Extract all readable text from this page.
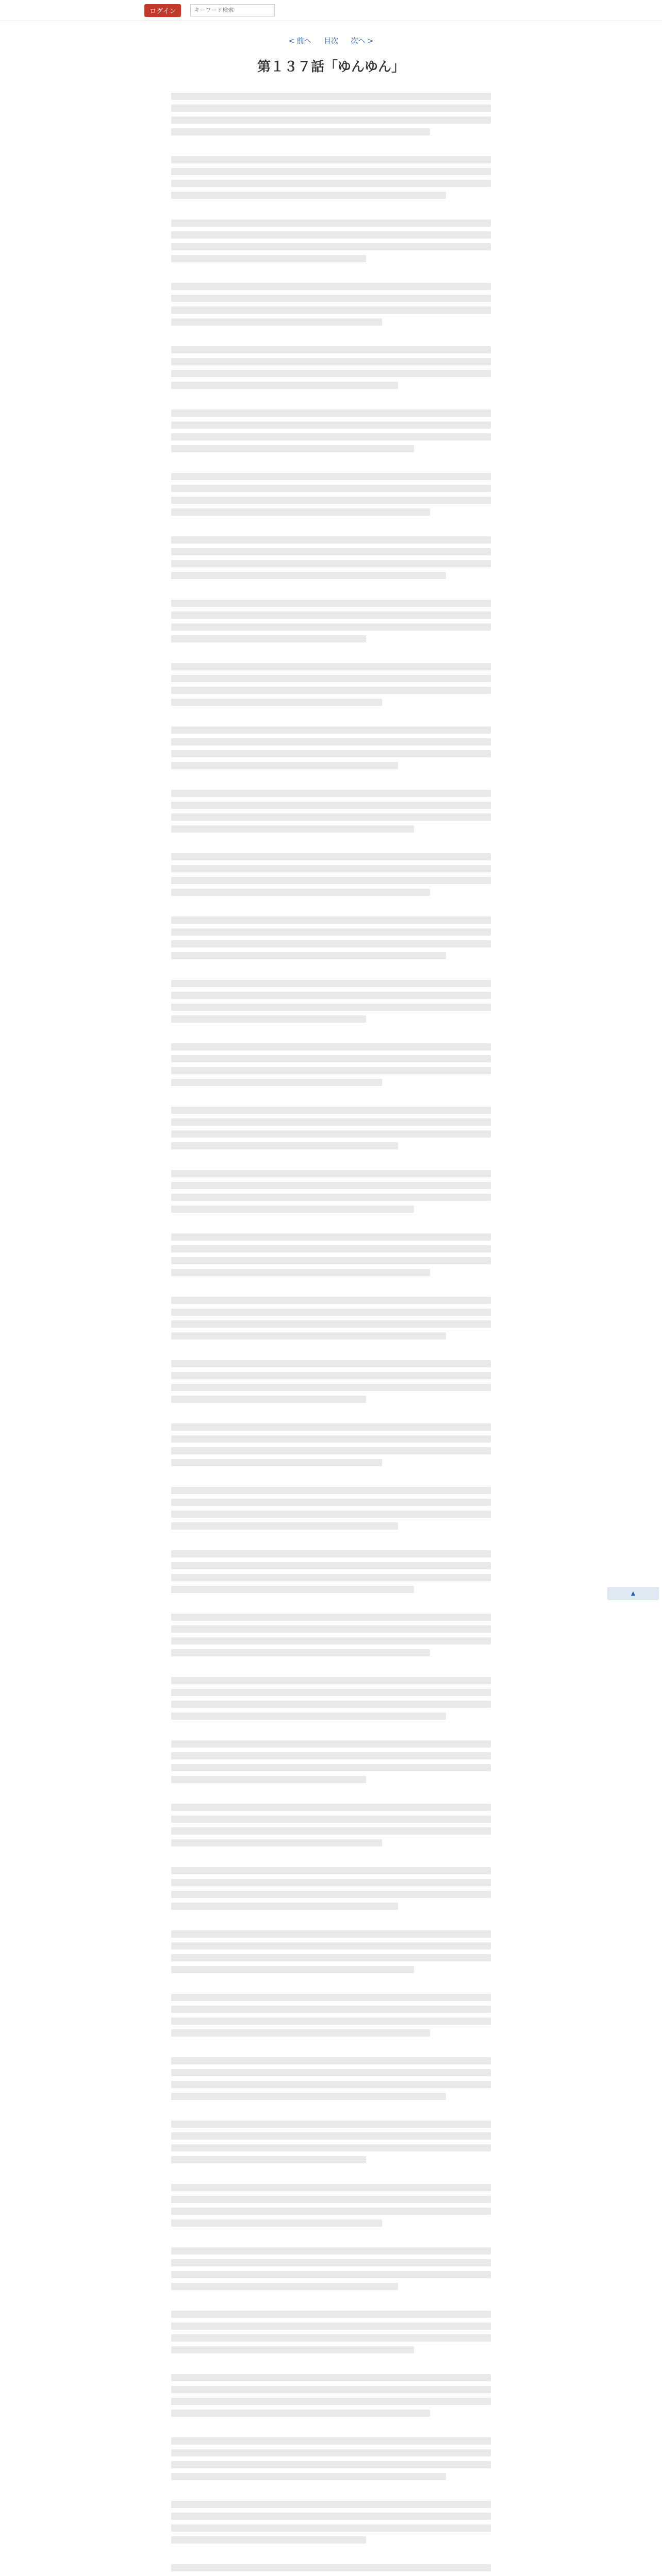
ログイン
キーワード検索
< 前へ 目次 次へ >
第１３７話「ゆんゆん」
▲
